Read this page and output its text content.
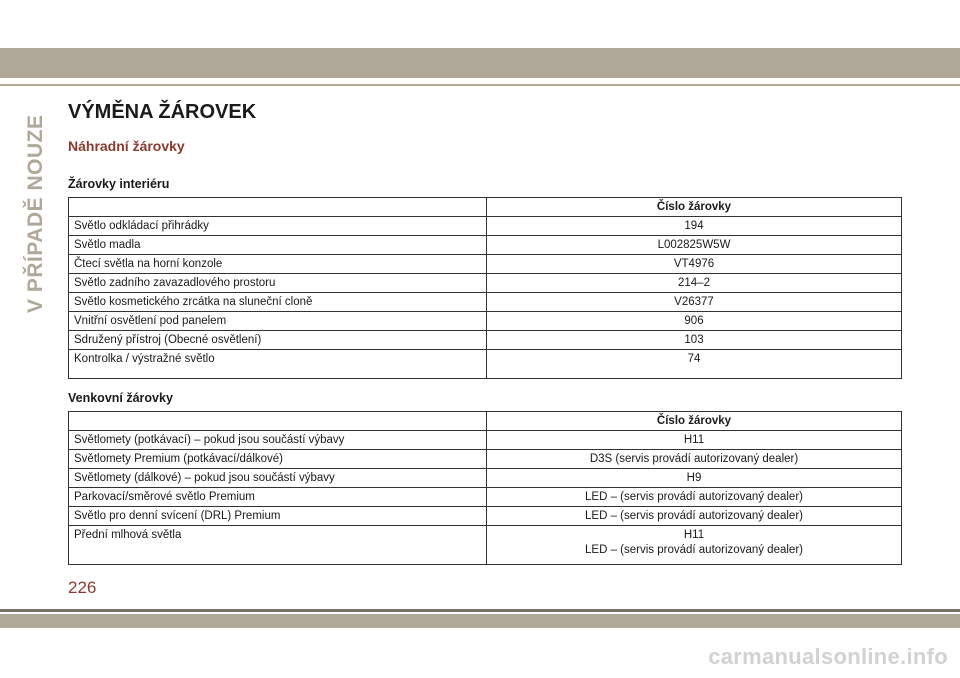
V PŘÍPADĚ NOUZE
VÝMĚNA ŽÁROVEK
Náhradní žárovky
Žárovky interiéru
	Číslo žárovky
Světlo odkládací přihrádky	194
Světlo madla	L002825W5W
Čtecí světla na horní konzole	VT4976
Světlo zadního zavazadlového prostoru	214–2
Světlo kosmetického zrcátka na sluneční cloně	V26377
Vnitřní osvětlení pod panelem	906
Sdružený přístroj (Obecné osvětlení)	103
Kontrolka / výstražné světlo	74
Venkovní žárovky
	Číslo žárovky
Světlomety (potkávací) – pokud jsou součástí výbavy	H11
Světlomety Premium (potkávací/dálkové)	D3S (servis provádí autorizovaný dealer)
Světlomety (dálkové) – pokud jsou součástí výbavy	H9
Parkovací/směrové světlo Premium	LED – (servis provádí autorizovaný dealer)
Světlo pro denní svícení (DRL) Premium	LED – (servis provádí autorizovaný dealer)
Přední mlhová světla	H11
LED – (servis provádí autorizovaný dealer)
226
carmanualsonline.info
